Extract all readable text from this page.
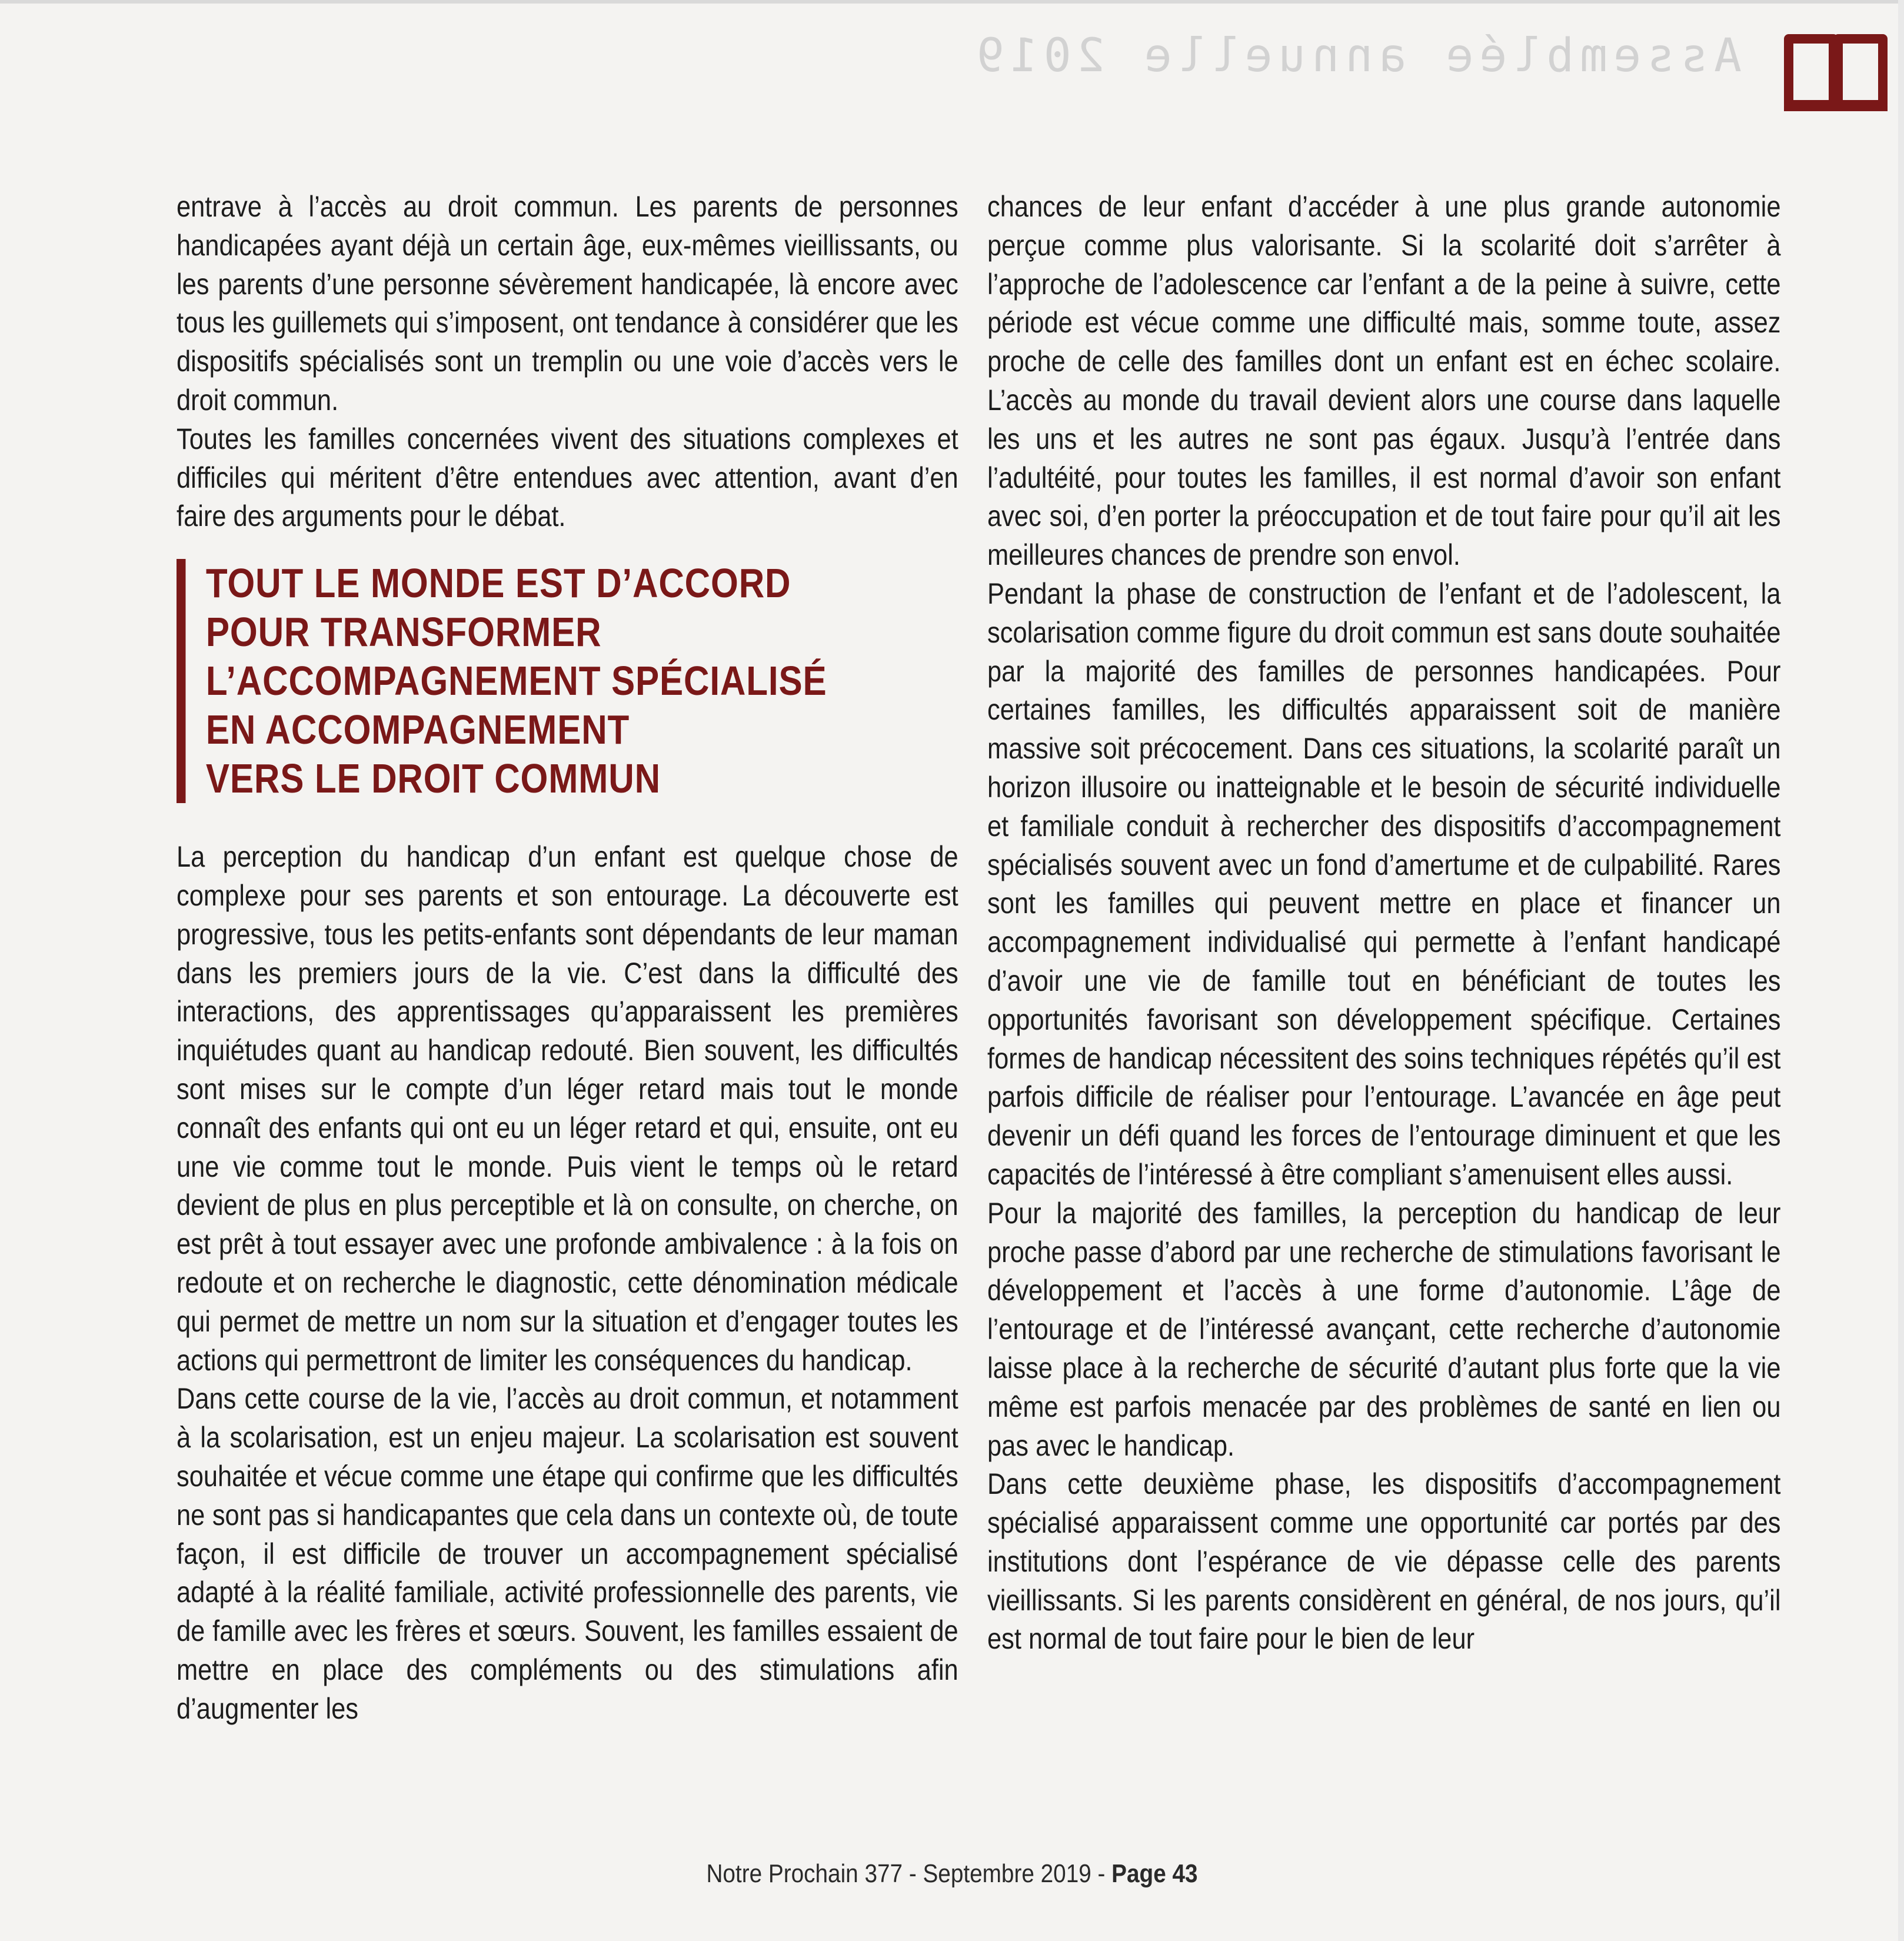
Assemblée annuelle 2019

entrave à l’accès au droit commun. Les parents de personnes handicapées ayant déjà un certain âge, eux-mêmes vieillissants, ou les parents d’une personne sévèrement handicapée, là encore avec tous les guillemets qui s’imposent, ont tendance à considérer que les dispositifs spécialisés sont un tremplin ou une voie d’accès vers le droit commun.

Toutes les familles concernées vivent des situations complexes et difficiles qui méritent d’être entendues avec attention, avant d’en faire des arguments pour le débat.

TOUT LE MONDE EST D’ACCORD
POUR TRANSFORMER
L’ACCOMPAGNEMENT SPÉCIALISÉ
EN ACCOMPAGNEMENT
VERS LE DROIT COMMUN

La perception du handicap d’un enfant est quelque chose de complexe pour ses parents et son entourage. La découverte est progressive, tous les petits-enfants sont dépendants de leur maman dans les premiers jours de la vie. C’est dans la difficulté des interactions, des apprentissages qu’apparaissent les premières inquiétudes quant au handicap redouté. Bien souvent, les difficultés sont mises sur le compte d’un léger retard mais tout le monde connaît des enfants qui ont eu un léger retard et qui, ensuite, ont eu une vie comme tout le monde. Puis vient le temps où le retard devient de plus en plus perceptible et là on consulte, on cherche, on est prêt à tout essayer avec une profonde ambivalence : à la fois on redoute et on recherche le diagnostic, cette dénomination médicale qui permet de mettre un nom sur la situation et d’engager toutes les actions qui permettront de limiter les conséquences du handicap.

Dans cette course de la vie, l’accès au droit commun, et notamment à la scolarisation, est un enjeu majeur. La scolarisation est souvent souhaitée et vécue comme une étape qui confirme que les difficultés ne sont pas si handicapantes que cela dans un contexte où, de toute façon, il est difficile de trouver un accompagnement spécialisé adapté à la réalité familiale, activité professionnelle des parents, vie de famille avec les frères et sœurs. Souvent, les familles essaient de mettre en place des compléments ou des stimulations afin d’augmenter les

chances de leur enfant d’accéder à une plus grande autonomie perçue comme plus valorisante. Si la scolarité doit s’arrêter à l’approche de l’adolescence car l’enfant a de la peine à suivre, cette période est vécue comme une difficulté mais, somme toute, assez proche de celle des familles dont un enfant est en échec scolaire. L’accès au monde du travail devient alors une course dans laquelle les uns et les autres ne sont pas égaux. Jusqu’à l’entrée dans l’adultéité, pour toutes les familles, il est normal d’avoir son enfant avec soi, d’en porter la préoccupation et de tout faire pour qu’il ait les meilleures chances de prendre son envol.

Pendant la phase de construction de l’enfant et de l’adolescent, la scolarisation comme figure du droit commun est sans doute souhaitée par la majorité des familles de personnes handicapées. Pour certaines familles, les difficultés apparaissent soit de manière massive soit précocement. Dans ces situations, la scolarité paraît un horizon illusoire ou inatteignable et le besoin de sécurité individuelle et familiale conduit à rechercher des dispositifs d’accompagnement spécialisés souvent avec un fond d’amertume et de culpabilité. Rares sont les familles qui peuvent mettre en place et financer un accompagnement individualisé qui permette à l’enfant handicapé d’avoir une vie de famille tout en bénéficiant de toutes les opportunités favorisant son développement spécifique. Certaines formes de handicap nécessitent des soins techniques répétés qu’il est parfois difficile de réaliser pour l’entourage. L’avancée en âge peut devenir un défi quand les forces de l’entourage diminuent et que les capacités de l’intéressé à être compliant s’amenuisent elles aussi.

Pour la majorité des familles, la perception du handicap de leur proche passe d’abord par une recherche de stimulations favorisant le développement et l’accès à une forme d’autonomie. L’âge de l’entourage et de l’intéressé avançant, cette recherche d’autonomie laisse place à la recherche de sécurité d’autant plus forte que la vie même est parfois menacée par des problèmes de santé en lien ou pas avec le handicap.

Dans cette deuxième phase, les dispositifs d’accompagnement spécialisé apparaissent comme une opportunité car portés par des institutions dont l’espérance de vie dépasse celle des parents vieillissants. Si les parents considèrent en général, de nos jours, qu’il est normal de tout faire pour le bien de leur

Notre Prochain 377 - Septembre 2019 - Page 43
